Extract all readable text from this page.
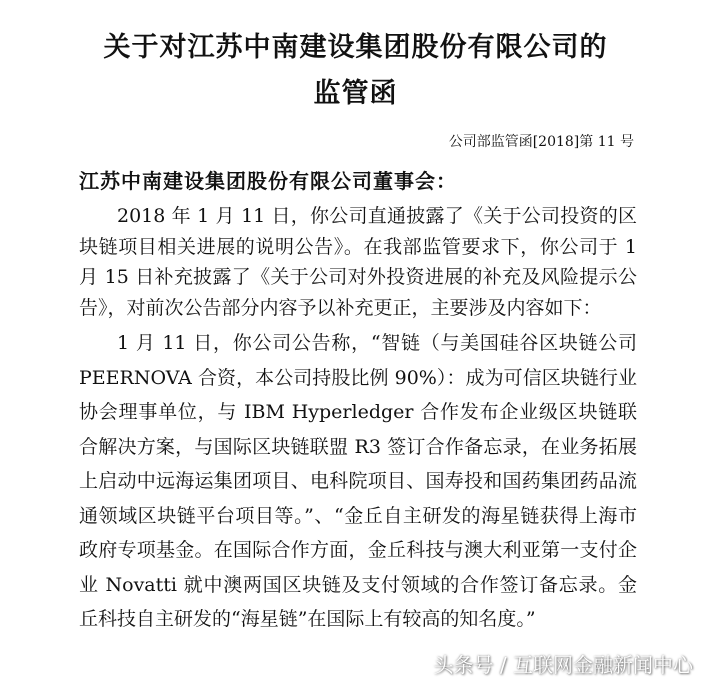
关于对江苏中南建设集团股份有限公司的
监管函
公司部监管函[2018]第 11 号
江苏中南建设集团股份有限公司董事会：

2018 年 1 月 11 日，你公司直通披露了《关于公司投资的区块链项目相关进展的说明公告》。在我部监管要求下，你公司于 1 月 15 日补充披露了《关于公司对外投资进展的补充及风险提示公告》，对前次公告部分内容予以补充更正，主要涉及内容如下：

1 月 11 日，你公司公告称，“智链（与美国硅谷区块链公司 PEERNOVA 合资，本公司持股比例 90%）：成为可信区块链行业协会理事单位，与 IBM Hyperledger 合作发布企业级区块链联合解决方案，与国际区块链联盟 R3 签订合作备忘录，在业务拓展上启动中远海运集团项目、电科院项目、国寿投和国药集团药品流通领域区块链平台项目等。”、“金丘自主研发的海星链获得上海市政府专项基金。在国际合作方面，金丘科技与澳大利亚第一支付企业 Novatti 就中澳两国区块链及支付领域的合作签订备忘录。金丘科技自主研发的“海星链”在国际上有较高的知名度。”

头条号 / 互联网金融新闻中心
